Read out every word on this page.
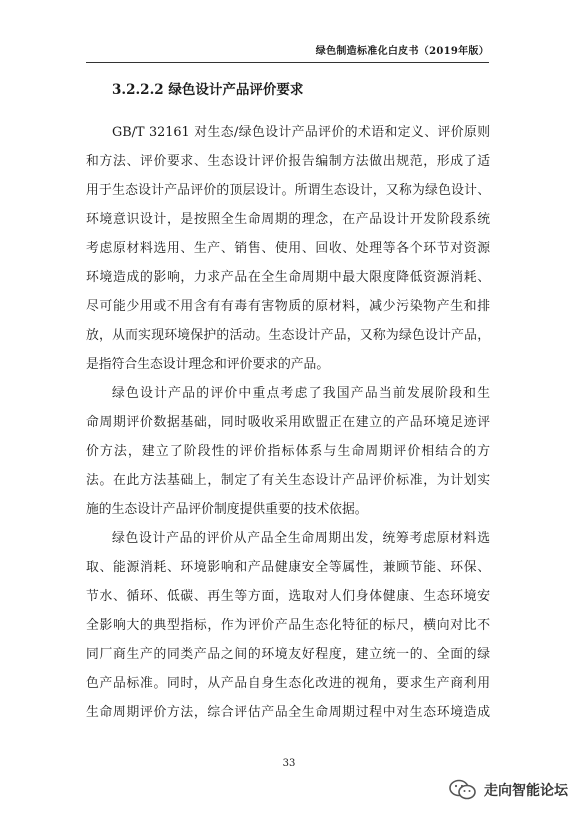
绿色制造标准化白皮书（2019年版）
3.2.2.2 绿色设计产品评价要求
GB/T 32161 对生态/绿色设计产品评价的术语和定义、评价原则
和方法、评价要求、生态设计评价报告编制方法做出规范，形成了适
用于生态设计产品评价的顶层设计。所谓生态设计，又称为绿色设计、
环境意识设计，是按照全生命周期的理念，在产品设计开发阶段系统
考虑原材料选用、生产、销售、使用、回收、处理等各个环节对资源
环境造成的影响，力求产品在全生命周期中最大限度降低资源消耗、
尽可能少用或不用含有有毒有害物质的原材料，减少污染物产生和排
放，从而实现环境保护的活动。生态设计产品，又称为绿色设计产品，
是指符合生态设计理念和评价要求的产品。
绿色设计产品的评价中重点考虑了我国产品当前发展阶段和生
命周期评价数据基础，同时吸收采用欧盟正在建立的产品环境足迹评
价方法，建立了阶段性的评价指标体系与生命周期评价相结合的方
法。在此方法基础上，制定了有关生态设计产品评价标准，为计划实
施的生态设计产品评价制度提供重要的技术依据。
绿色设计产品的评价从产品全生命周期出发，统筹考虑原材料选
取、能源消耗、环境影响和产品健康安全等属性，兼顾节能、环保、
节水、循环、低碳、再生等方面，选取对人们身体健康、生态环境安
全影响大的典型指标，作为评价产品生态化特征的标尺，横向对比不
同厂商生产的同类产品之间的环境友好程度，建立统一的、全面的绿
色产品标准。同时，从产品自身生态化改进的视角，要求生产商利用
生命周期评价方法，综合评估产品全生命周期过程中对生态环境造成
33
走向智能论坛
